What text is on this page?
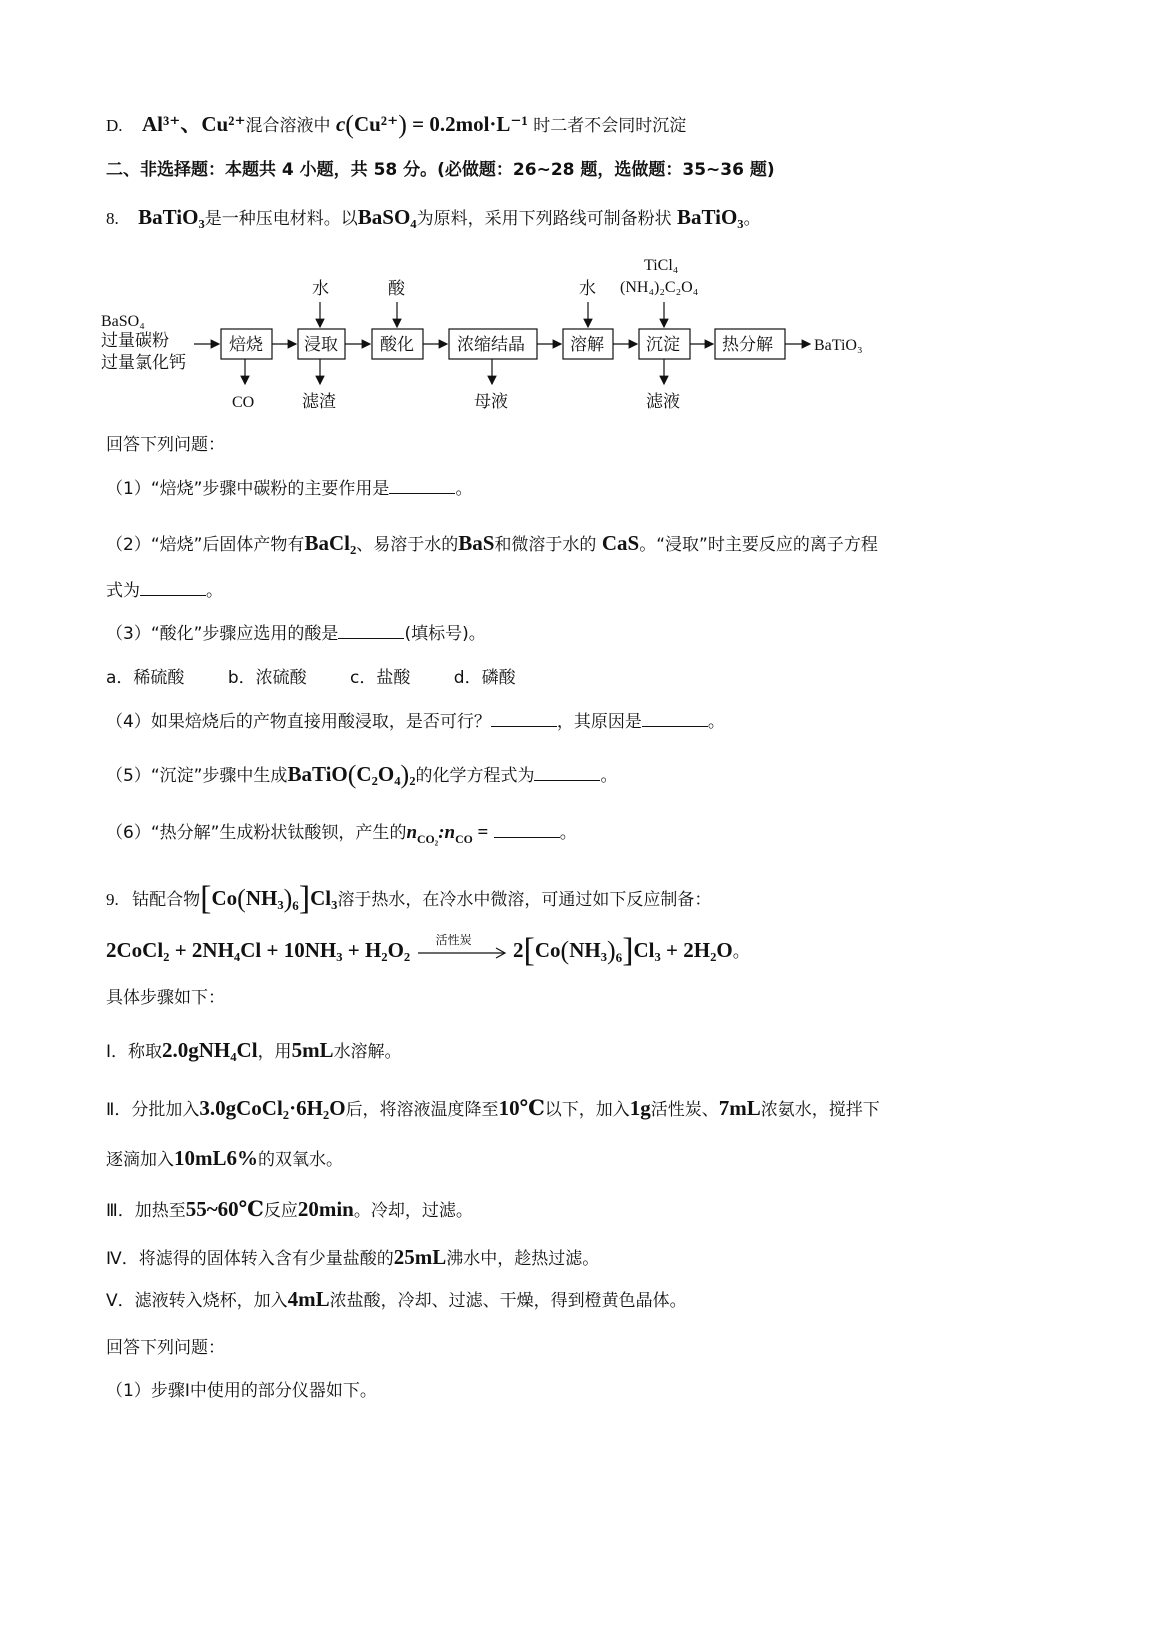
D. Al³⁺、Cu²⁺混合溶液中 c(Cu²⁺) = 0.2mol·L⁻¹ 时二者不会同时沉淀
二、非选择题：本题共 4 小题，共 58 分。(必做题：26~28 题，选做题：35~36 题)
8. BaTiO₃是一种压电材料。以BaSO₄为原料，采用下列路线可制备粉状 BaTiO₃。
BaSO₄
过量碳粉
过量氯化钙
焙烧 浸取 酸化	浓缩结晶	溶解 沉淀 热分解	BaTiO₃
水	酸	水
TiCl₄
(NH₄)₂C₂O₄
CO	滤渣	母液	滤液
回答下列问题：
（1）“焙烧”步骤中碳粉的主要作用是	。
（2）“焙烧”后固体产物有BaCl₂、易溶于水的BaS和微溶于水的 CaS。“浸取”时主要反应的离子方程
式为	。
（3）“酸化”步骤应选用的酸是	(填标号)。
a．稀硫酸	b．浓硫酸	c．盐酸	d．磷酸
（4）如果焙烧后的产物直接用酸浸取，是否可行？	，其原因是	。
（5）“沉淀”步骤中生成BaTiO(C₂O₄)₂的化学方程式为	。
（6）“热分解”生成粉状钛酸钡，产生的$n_{CO_2}:n_{CO}$ =	。
9. 钴配合物$[Co(NH_3)_6]Cl_3$溶于热水，在冷水中微溶，可通过如下反应制备：
2CoCl₂ + 2NH₄Cl + 10NH₃ + H₂O₂ 活性炭 $2[Co(NH_3)_6]Cl_3 + 2H_2O$。
具体步骤如下：
Ⅰ．称取2.0gNH₄Cl，用5mL水溶解。
Ⅱ．分批加入3.0gCoCl₂·6H₂O后，将溶液温度降至10℃以下，加入1g活性炭、7mL浓氨水，搅拌下
逐滴加入10mL6%的双氧水。
Ⅲ．加热至55~60℃反应20min。冷却，过滤。
Ⅳ．将滤得的固体转入含有少量盐酸的25mL沸水中，趁热过滤。
Ⅴ．滤液转入烧杯，加入4mL浓盐酸，冷却、过滤、干燥，得到橙黄色晶体。
回答下列问题：
（1）步骤Ⅰ中使用的部分仪器如下。
